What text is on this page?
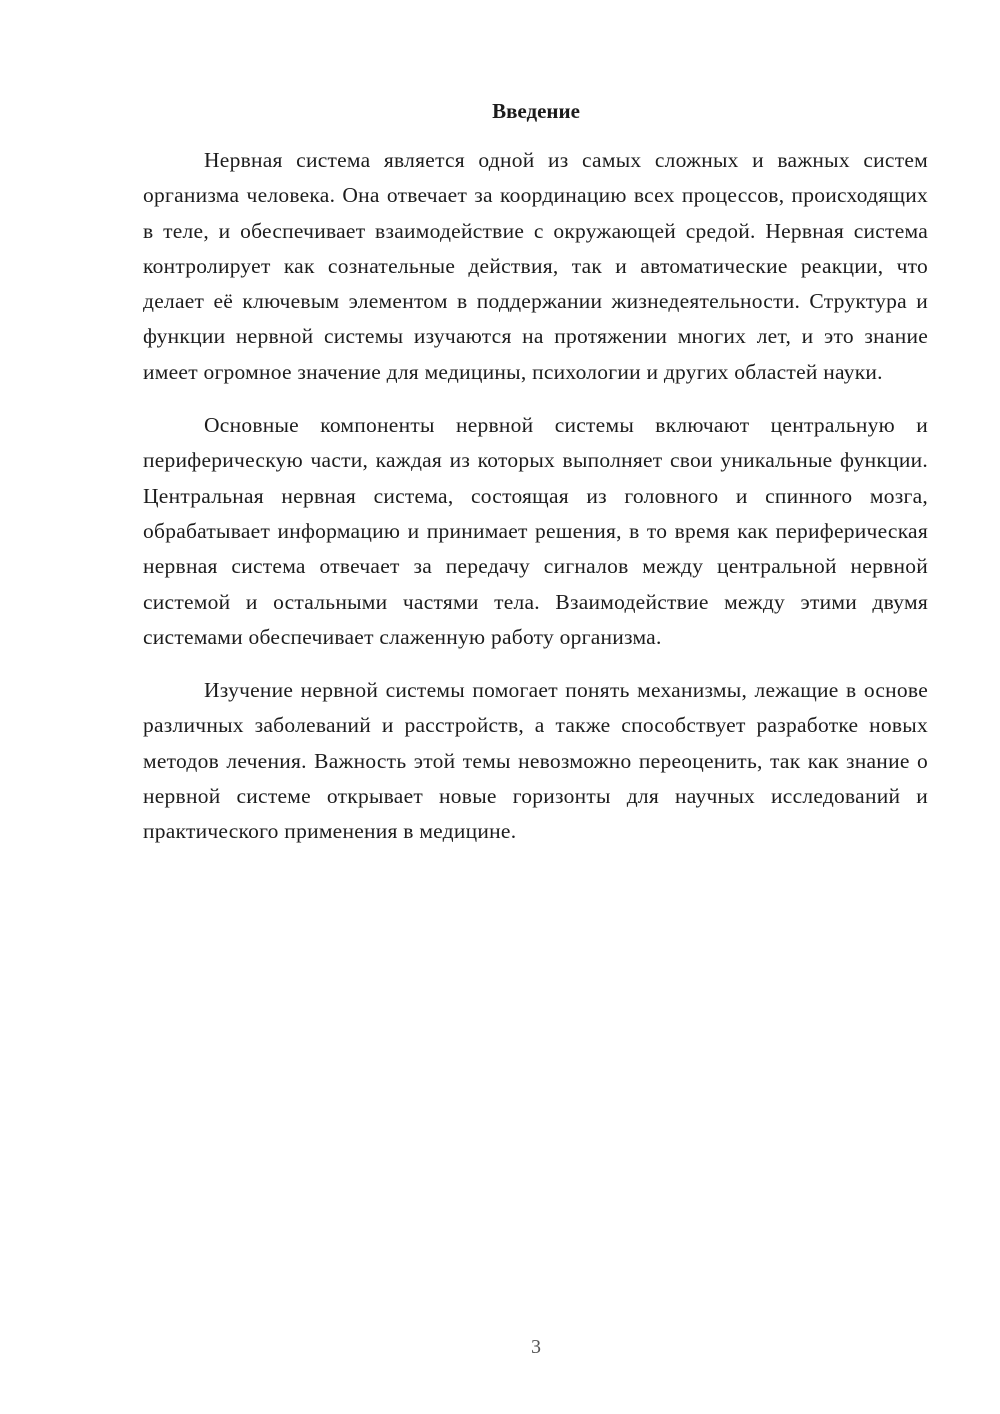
Введение

Нервная система является одной из самых сложных и важных систем организма человека. Она отвечает за координацию всех процессов, происходящих в теле, и обеспечивает взаимодействие с окружающей средой. Нервная система контролирует как сознательные действия, так и автоматические реакции, что делает её ключевым элементом в поддержании жизнедеятельности. Структура и функции нервной системы изучаются на протяжении многих лет, и это знание имеет огромное значение для медицины, психологии и других областей науки.

Основные компоненты нервной системы включают центральную и периферическую части, каждая из которых выполняет свои уникальные функции. Центральная нервная система, состоящая из головного и спинного мозга, обрабатывает информацию и принимает решения, в то время как периферическая нервная система отвечает за передачу сигналов между центральной нервной системой и остальными частями тела. Взаимодействие между этими двумя системами обеспечивает слаженную работу организма.

Изучение нервной системы помогает понять механизмы, лежащие в основе различных заболеваний и расстройств, а также способствует разработке новых методов лечения. Важность этой темы невозможно переоценить, так как знание о нервной системе открывает новые горизонты для научных исследований и практического применения в медицине.

3
